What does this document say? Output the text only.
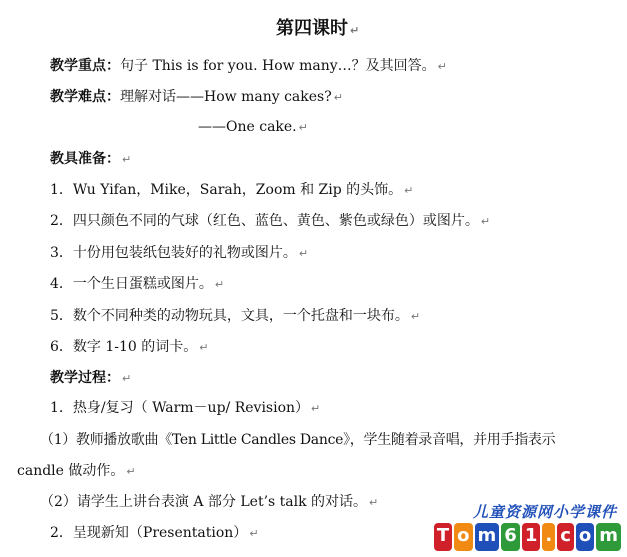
第四课时 ↵
教学重点：句子 This is for you. How many…？及其回答。 ↵
教学难点：理解对话——How many cakes? ↵
——One cake. ↵
教具准备： ↵
1．Wu Yifan，Mike，Sarah，Zoom 和 Zip 的头饰。 ↵
2．四只颜色不同的气球（红色、蓝色、黄色、紫色或绿色）或图片。 ↵
3．十份用包装纸包装好的礼物或图片。 ↵
4．一个生日蛋糕或图片。 ↵
5．数个不同种类的动物玩具，文具，一个托盘和一块布。 ↵
6．数字 1-10 的词卡。 ↵
教学过程： ↵
1．热身/复习（ Warm－up/ Revision） ↵
（1）教师播放歌曲《Ten Little Candles Dance》，学生随着录音唱，并用手指表示
candle 做动作。 ↵
（2）请学生上讲台表演 A 部分 Let’s talk 的对话。 ↵
2．呈现新知（Presentation） ↵
儿童资源网小学课件
T o m 6 1 . c o m
